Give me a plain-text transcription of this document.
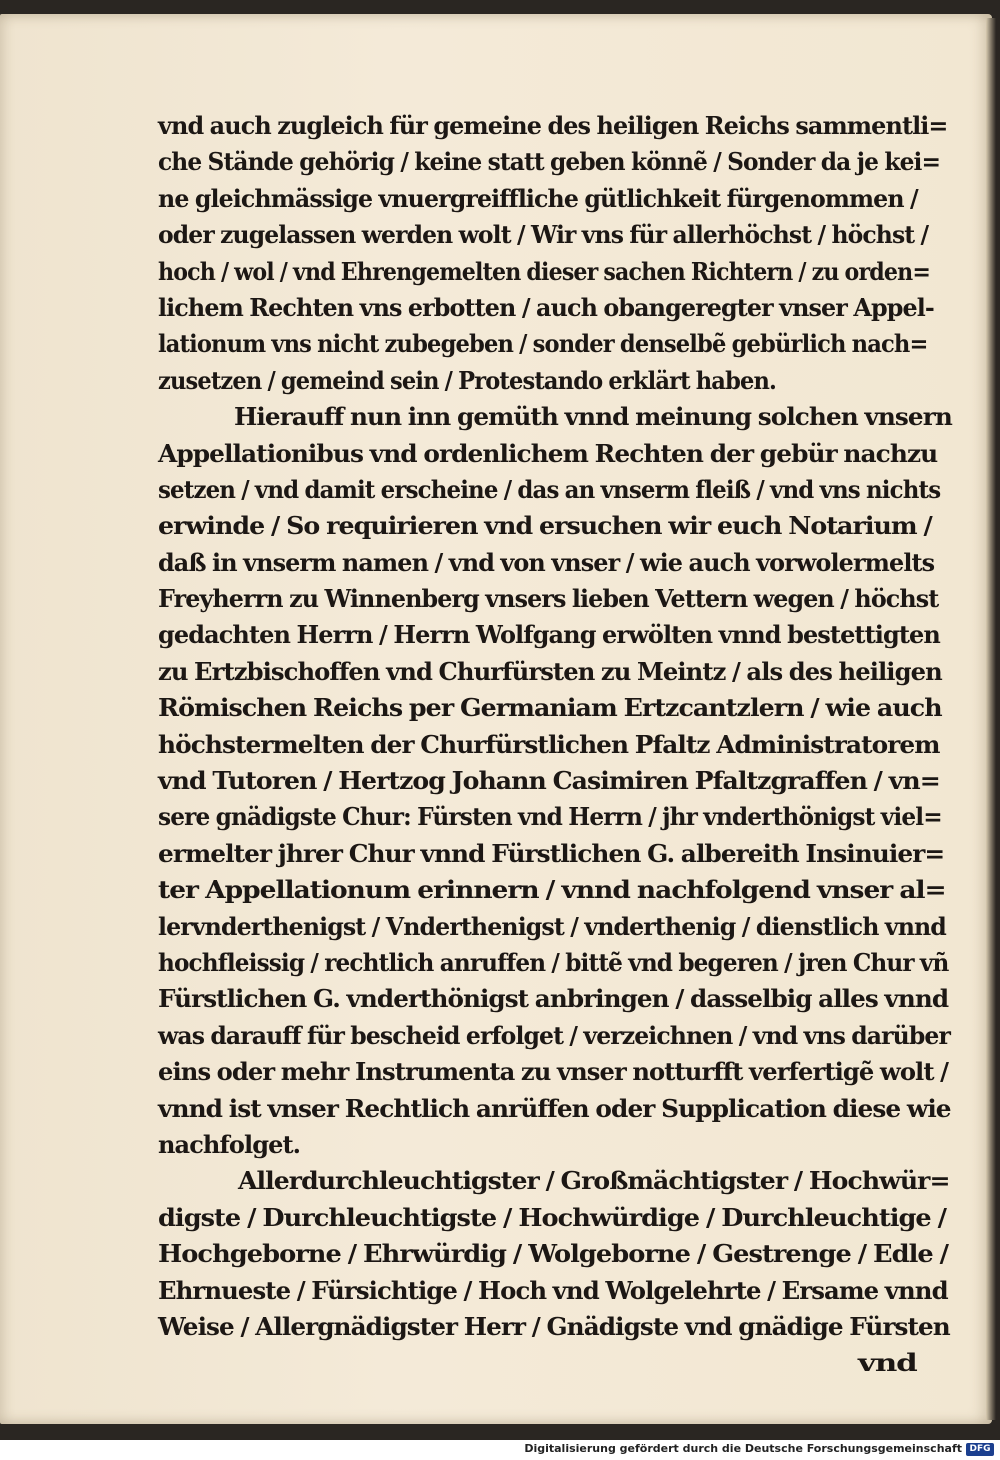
vnd auch zugleich für gemeine des heiligen Reichs sammentli=
che Stände gehörig / keine statt geben könnẽ / Sonder da je kei=
ne gleichmässige vnuergreiffliche gütlichkeit fürgenommen /
oder zugelassen werden wolt / Wir vns für allerhöchst / höchst /
hoch / wol / vnd Ehrengemelten dieser sachen Richtern / zu orden=
lichem Rechten vns erbotten / auch obangeregter vnser Appel-
lationum vns nicht zubegeben / sonder denselbẽ gebürlich nach=
zusetzen / gemeind sein / Protestando erklärt haben.
Hierauff nun inn gemüth vnnd meinung solchen vnsern
Appellationibus vnd ordenlichem Rechten der gebür nachzu
setzen / vnd damit erscheine / das an vnserm fleiß / vnd vns nichts
erwinde / So requirieren vnd ersuchen wir euch Notarium /
daß in vnserm namen / vnd von vnser / wie auch vorwolermelts
Freyherrn zu Winnenberg vnsers lieben Vettern wegen / höchst
gedachten Herrn / Herrn Wolfgang erwölten vnnd bestettigten
zu Ertzbischoffen vnd Churfürsten zu Meintz / als des heiligen
Römischen Reichs per Germaniam Ertzcantzlern / wie auch
höchstermelten der Churfürstlichen Pfaltz Administratorem
vnd Tutoren / Hertzog Johann Casimiren Pfaltzgraffen / vn=
sere gnädigste Chur: Fürsten vnd Herrn / jhr vnderthönigst viel=
ermelter jhrer Chur vnnd Fürstlichen G. albereith Insinuier=
ter Appellationum erinnern / vnnd nachfolgend vnser al=
lervnderthenigst / Vnderthenigst / vnderthenig / dienstlich vnnd
hochfleissig / rechtlich anruffen / bittẽ vnd begeren / jren Chur vñ
Fürstlichen G. vnderthönigst anbringen / dasselbig alles vnnd
was darauff für bescheid erfolget / verzeichnen / vnd vns darüber
eins oder mehr Instrumenta zu vnser notturfft verfertigẽ wolt /
vnnd ist vnser Rechtlich anrüffen oder Supplication diese wie
nachfolget.
Allerdurchleuchtigster / Großmächtigster / Hochwür=
digste / Durchleuchtigste / Hochwürdige / Durchleuchtige /
Hochgeborne / Ehrwürdig / Wolgeborne / Gestrenge / Edle /
Ehrnueste / Fürsichtige / Hoch vnd Wolgelehrte / Ersame vnnd
Weise / Allergnädigster Herr / Gnädigste vnd gnädige Fürsten
vnd
Digitalisierung gefördert durch die Deutsche Forschungsgemeinschaft DFG
